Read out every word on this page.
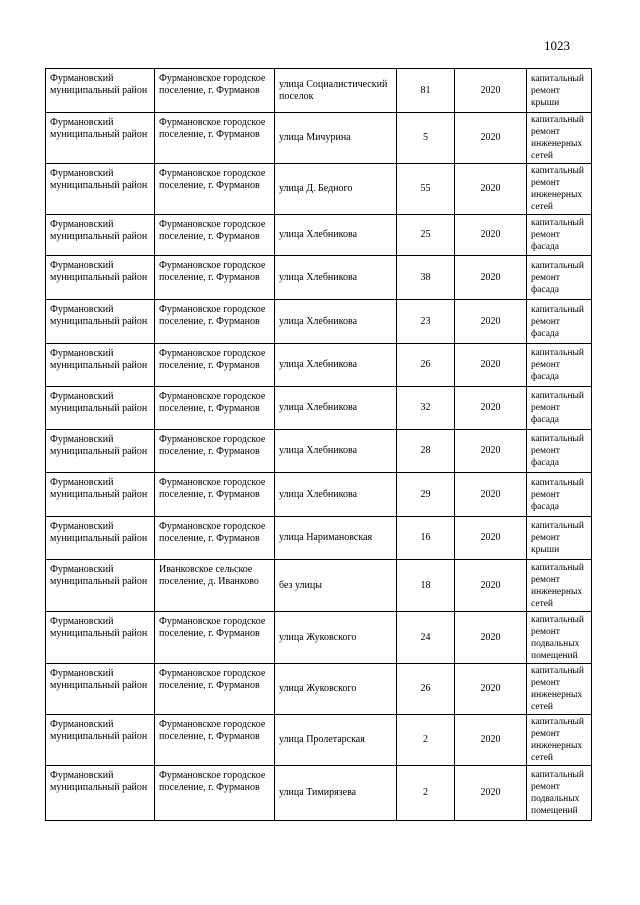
1023
Фурмановский муниципальный район	Фурмановское городское поселение, г. Фурманов	улица Социалистический поселок	81	2020	капитальный ремонт крыши
Фурмановский муниципальный район	Фурмановское городское поселение, г. Фурманов	улица Мичурина	5	2020	капитальный ремонт инженерных сетей
Фурмановский муниципальный район	Фурмановское городское поселение, г. Фурманов	улица Д. Бедного	55	2020	капитальный ремонт инженерных сетей
Фурмановский муниципальный район	Фурмановское городское поселение, г. Фурманов	улица Хлебникова	25	2020	капитальный ремонт фасада
Фурмановский муниципальный район	Фурмановское городское поселение, г. Фурманов	улица Хлебникова	38	2020	капитальный ремонт фасада
Фурмановский муниципальный район	Фурмановское городское поселение, г. Фурманов	улица Хлебникова	23	2020	капитальный ремонт фасада
Фурмановский муниципальный район	Фурмановское городское поселение, г. Фурманов	улица Хлебникова	26	2020	капитальный ремонт фасада
Фурмановский муниципальный район	Фурмановское городское поселение, г. Фурманов	улица Хлебникова	32	2020	капитальный ремонт фасада
Фурмановский муниципальный район	Фурмановское городское поселение, г. Фурманов	улица Хлебникова	28	2020	капитальный ремонт фасада
Фурмановский муниципальный район	Фурмановское городское поселение, г. Фурманов	улица Хлебникова	29	2020	капитальный ремонт фасада
Фурмановский муниципальный район	Фурмановское городское поселение, г. Фурманов	улица Наримановская	16	2020	капитальный ремонт крыши
Фурмановский муниципальный район	Иванковское сельское поселение, д. Иванково	без улицы	18	2020	капитальный ремонт инженерных сетей
Фурмановский муниципальный район	Фурмановское городское поселение, г. Фурманов	улица Жуковского	24	2020	капитальный ремонт подвальных помещений
Фурмановский муниципальный район	Фурмановское городское поселение, г. Фурманов	улица Жуковского	26	2020	капитальный ремонт инженерных сетей
Фурмановский муниципальный район	Фурмановское городское поселение, г. Фурманов	улица Пролетарская	2	2020	капитальный ремонт инженерных сетей
Фурмановский муниципальный район	Фурмановское городское поселение, г. Фурманов	улица Тимирязева	2	2020	капитальный ремонт подвальных помещений
